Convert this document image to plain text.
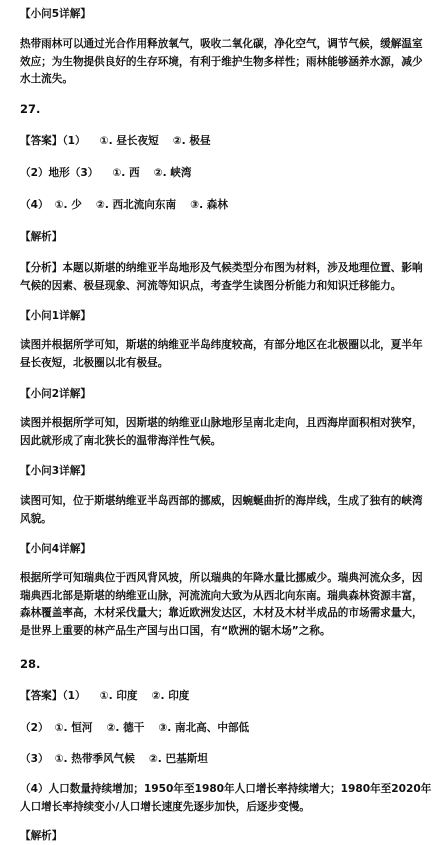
【小问5详解】
热带雨林可以通过光合作用释放氧气，吸收二氧化碳，净化空气，调节气候，缓解温室效应；为生物提供良好的生存环境，有利于维护生物多样性；雨林能够涵养水源，减少水土流失。
27.
【答案】（1） ①. 昼长夜短 ②. 极昼
（2）地形（3） ①. 西 ②. 峡湾
（4） ①. 少 ②. 西北流向东南 ③. 森林
【解析】
【分析】本题以斯堪的纳维亚半岛地形及气候类型分布图为材料，涉及地理位置、影响气候的因素、极昼现象、河流等知识点，考查学生读图分析能力和知识迁移能力。
【小问1详解】
读图并根据所学可知，斯堪的纳维亚半岛纬度较高，有部分地区在北极圈以北，夏半年昼长夜短，北极圈以北有极昼。
【小问2详解】
读图并根据所学可知，因斯堪的纳维亚山脉地形呈南北走向，且西海岸面积相对狭窄，因此就形成了南北狭长的温带海洋性气候。
【小问3详解】
读图可知，位于斯堪纳维亚半岛西部的挪威，因蜿蜒曲折的海岸线，生成了独有的峡湾风貌。
【小问4详解】
根据所学可知瑞典位于西风背风坡，所以瑞典的年降水量比挪威少。瑞典河流众多，因瑞典西北部是斯堪的纳维亚山脉，河流流向大致为从西北向东南。瑞典森林资源丰富，森林覆盖率高，木材采伐量大；靠近欧洲发达区，木材及木材半成品的市场需求量大，是世界上重要的林产品生产国与出口国，有“欧洲的锯木场”之称。
28.
【答案】（1） ①. 印度 ②. 印度
（2） ①. 恒河 ②. 德干 ③. 南北高、中部低
（3） ①. 热带季风气候 ②. 巴基斯坦
（4）人口数量持续增加；1950年至1980年人口增长率持续增大；1980年至2020年人口增长率持续变小/人口增长速度先逐步加快，后逐步变慢。
【解析】
